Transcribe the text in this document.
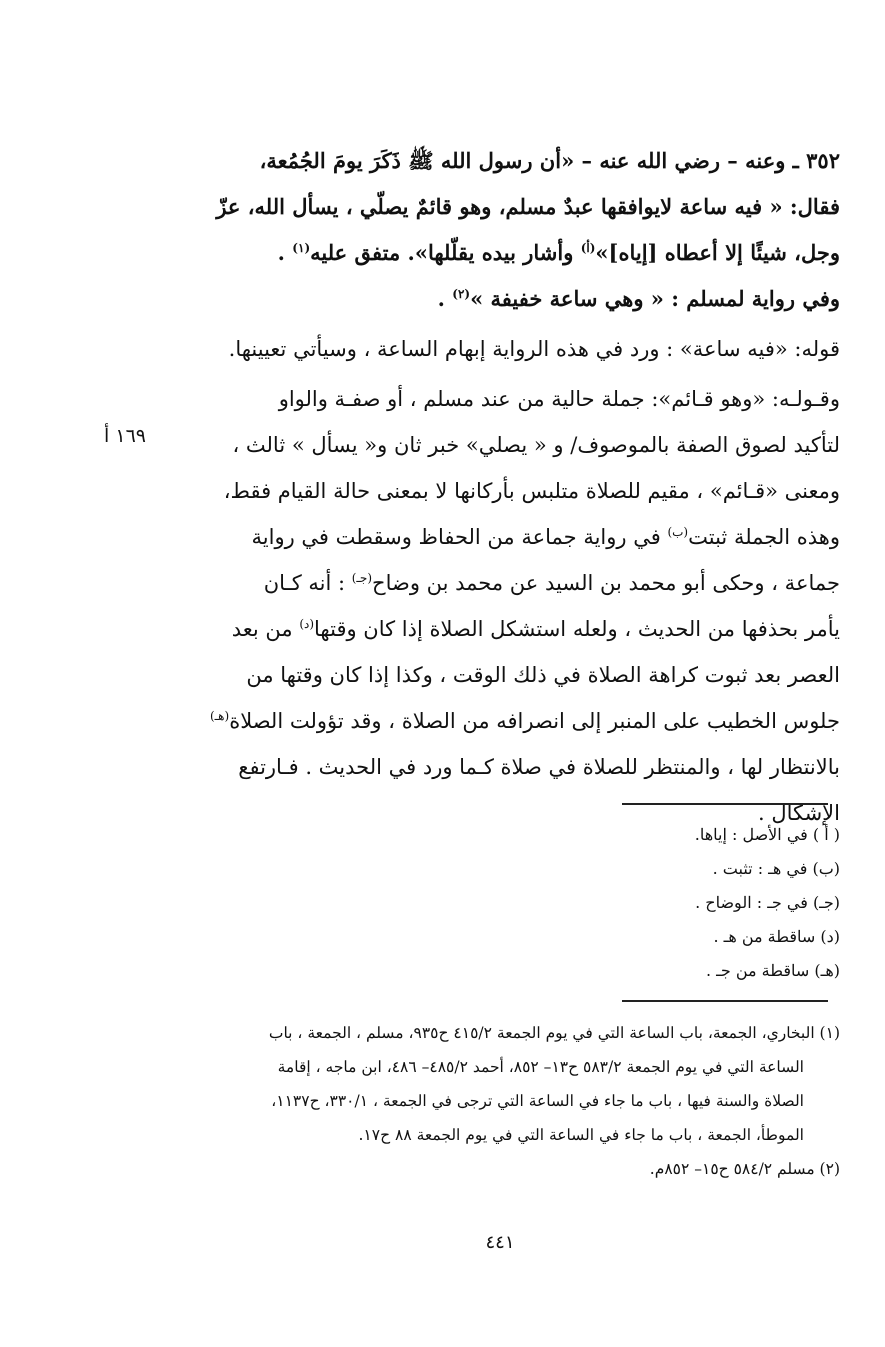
٣٥٢ ـ وعنه – رضي الله عنه – «أن رسول الله ﷺ ذَكَرَ يومَ الجُمُعة،

فقال: « فيه ساعة لايوافقها عبدٌ مسلم، وهو قائمٌ يصلّي ، يسأل الله، عزّ

وجل، شيئًا إلا أعطاه [إياه]»$^{(أ)}$ وأشار بيده يقلّلها». متفق عليه$^{(١)}$ .

وفي رواية لمسلم : « وهي ساعة خفيفة »$^{(٢)}$ .

قوله: «فيه ساعة» : ورد في هذه الرواية إبهام الساعة ، وسيأتي تعيينها.

وقـولـه: «وهو قـائم»: جملة حالية من عند مسلم ، أو صفـة والواو

لتأكيد لصوق الصفة بالموصوف/ و « يصلي» خبر ثان و« يسأل » ثالث ،

ومعنى «قـائم» ، مقيم للصلاة متلبس بأركانها لا بمعنى حالة القيام فقط،

وهذه الجملة ثبتت$^{(ب)}$ في رواية جماعة من الحفاظ وسقطت في رواية

جماعة ، وحكى أبو محمد بن السيد عن محمد بن وضاح$^{(جـ)}$ : أنه كـان

يأمر بحذفها من الحديث ، ولعله استشكل الصلاة إذا كان وقتها$^{(د)}$ من بعد

العصر بعد ثبوت كراهة الصلاة في ذلك الوقت ، وكذا إذا كان وقتها من

جلوس الخطيب على المنبر إلى انصرافه من الصلاة ، وقد تؤولت الصلاة$^{(هـ)}$

بالانتظار لها ، والمنتظر للصلاة في صلاة كـما ورد في الحديث . فـارتفع

الإشكال .

١٦٩ أ
( أ ) في الأصل : إياها.
(ب) في هـ : تثبت .
(جـ) في جـ : الوضاح .
(د) ساقطة من هـ .
(هـ) ساقطة من جـ .
(١) البخاري، الجمعة، باب الساعة التي في يوم الجمعة ٤١٥/٢ ح٩٣٥، مسلم ، الجمعة ، باب
الساعة التي في يوم الجمعة ٥٨٣/٢ ح١٣– ٨٥٢، أحمد ٤٨٥/٢– ٤٨٦، ابن ماجه ، إقامة
الصلاة والسنة فيها ، باب ما جاء في الساعة التي ترجى في الجمعة ، ٣٣٠/١، ح١١٣٧،
الموطأ، الجمعة ، باب ما جاء في الساعة التي في يوم الجمعة ٨٨ ح١٧.
(٢) مسلم ٥٨٤/٢ ح١٥– ٨٥٢م.
٤٤١
